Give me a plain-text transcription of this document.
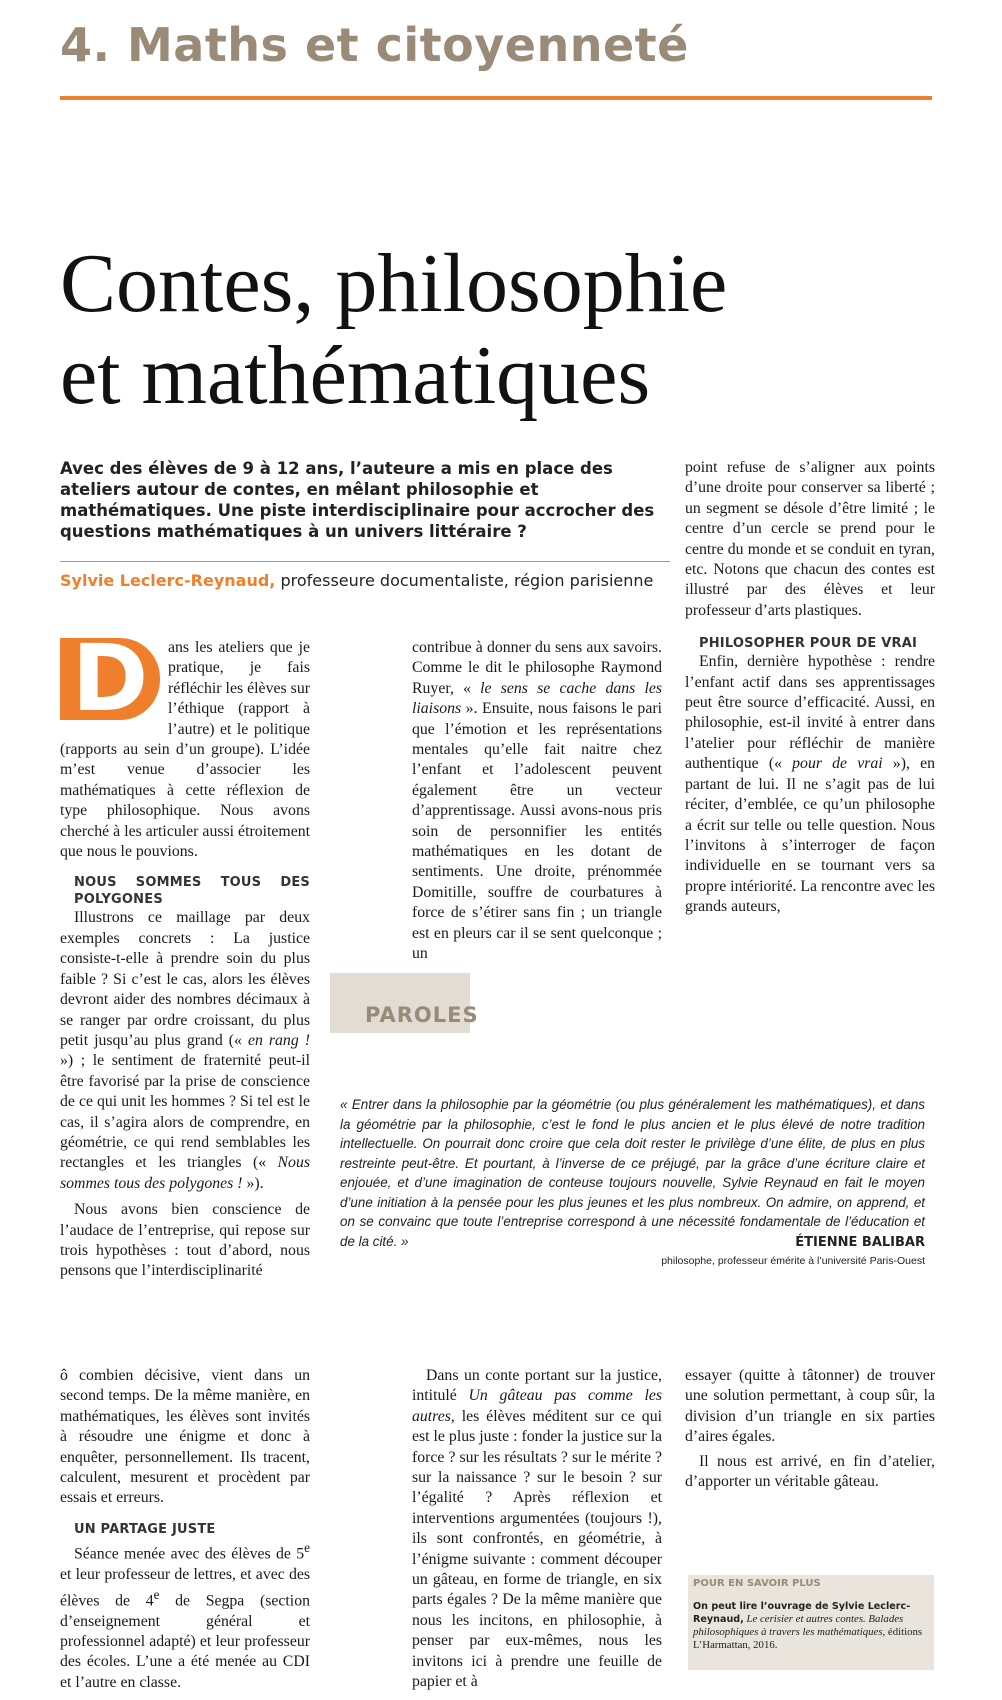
4. Maths et citoyenneté
Contes, philosophie
et mathématiques
Avec des élèves de 9 à 12 ans, l’auteure a mis en place des ateliers autour de contes, en mêlant philosophie et mathématiques. Une piste interdisciplinaire pour accrocher des questions mathématiques à un univers littéraire ?
Sylvie Leclerc-Reynaud, professeure documentaliste, région parisienne
D	ans les ateliers que je pratique, je fais réfléchir les élèves sur l’éthique (rapport à l’autre) et le politique (rapports au sein d’un groupe). L’idée m’est venue d’associer les mathématiques à cette réflexion de type philosophique. Nous avons cherché à les articuler aussi étroitement que nous le pouvions.

NOUS SOMMES TOUS DES POLYGONES

Illustrons ce maillage par deux exemples concrets : La justice consiste-t-elle à prendre soin du plus faible ? Si c’est le cas, alors les élèves devront aider des nombres décimaux à se ranger par ordre croissant, du plus petit jusqu’au plus grand (« en rang ! ») ; le sentiment de fraternité peut-il être favorisé par la prise de conscience de ce qui unit les hommes ? Si tel est le cas, il s’agira alors de comprendre, en géométrie, ce qui rend semblables les rectangles et les triangles (« Nous sommes tous des polygones ! »).

Nous avons bien conscience de l’audace de l’entreprise, qui repose sur trois hypothèses : tout d’abord, nous pensons que l’interdisciplinarité

contribue à donner du sens aux savoirs. Comme le dit le philosophe Raymond Ruyer, « le sens se cache dans les liaisons ». Ensuite, nous faisons le pari que l’émotion et les représentations mentales qu’elle fait naitre chez l’enfant et l’adolescent peuvent également être un vecteur d’apprentissage. Aussi avons-nous pris soin de personnifier les entités mathématiques en les dotant de sentiments. Une droite, prénommée Domitille, souffre de courbatures à force de s’étirer sans fin ; un triangle est en pleurs car il se sent quelconque ; un

point refuse de s’aligner aux points d’une droite pour conserver sa liberté ; un segment se désole d’être limité ; le centre d’un cercle se prend pour le centre du monde et se conduit en tyran, etc. Notons que chacun des contes est illustré par des élèves et leur professeur d’arts plastiques.

PHILOSOPHER POUR DE VRAI

Enfin, dernière hypothèse : rendre l’enfant actif dans ses apprentissages peut être source d’efficacité. Aussi, en philosophie, est-il invité à entrer dans l’atelier pour réfléchir de manière authentique (« pour de vrai »), en partant de lui. Il ne s’agit pas de lui réciter, d’emblée, ce qu’un philosophe a écrit sur telle ou telle question. Nous l’invitons à s’interroger de façon individuelle en se tournant vers sa propre intériorité. La rencontre avec les grands auteurs,

PAROLES
« Entrer dans la philosophie par la géométrie (ou plus généralement les mathématiques), et dans la géométrie par la philosophie, c’est le fond le plus ancien et le plus élevé de notre tradition intellectuelle. On pourrait donc croire que cela doit rester le privilège d’une élite, de plus en plus restreinte peut-être. Et pourtant, à l’inverse de ce préjugé, par la grâce d’une écriture claire et enjouée, et d’une imagination de conteuse toujours nouvelle, Sylvie Reynaud en fait le moyen d’une initiation à la pensée pour les plus jeunes et les plus nombreux. On admire, on apprend, et on se convainc que toute l’entreprise correspond à une nécessité fondamentale de l’éducation et de la cité. »	ÉTIENNE BALIBAR
philosophe, professeur émérite à l’université Paris-Ouest

ô combien décisive, vient dans un second temps. De la même manière, en mathématiques, les élèves sont invités à résoudre une énigme et donc à enquêter, personnellement. Ils tracent, calculent, mesurent et procèdent par essais et erreurs.

UN PARTAGE JUSTE

Séance menée avec des élèves de 5e et leur professeur de lettres, et avec des élèves de 4e de Segpa (section d’enseignement général et professionnel adapté) et leur professeur des écoles. L’une a été menée au CDI et l’autre en classe.

Dans un conte portant sur la justice, intitulé Un gâteau pas comme les autres, les élèves méditent sur ce qui est le plus juste : fonder la justice sur la force ? sur les résultats ? sur le mérite ? sur la naissance ? sur le besoin ? sur l’égalité ? Après réflexion et interventions argumentées (toujours !), ils sont confrontés, en géométrie, à l’énigme suivante : comment découper un gâteau, en forme de triangle, en six parts égales ? De la même manière que nous les incitons, en philosophie, à penser par eux-mêmes, nous les invitons ici à prendre une feuille de papier et à

essayer (quitte à tâtonner) de trouver une solution permettant, à coup sûr, la division d’un triangle en six parties d’aires égales.

Il nous est arrivé, en fin d’atelier, d’apporter un véritable gâteau.

POUR EN SAVOIR PLUS
On peut lire l’ouvrage de Sylvie Leclerc-Reynaud, Le cerisier et autres contes. Balades philosophiques à travers les mathématiques, éditions L’Harmattan, 2016.
